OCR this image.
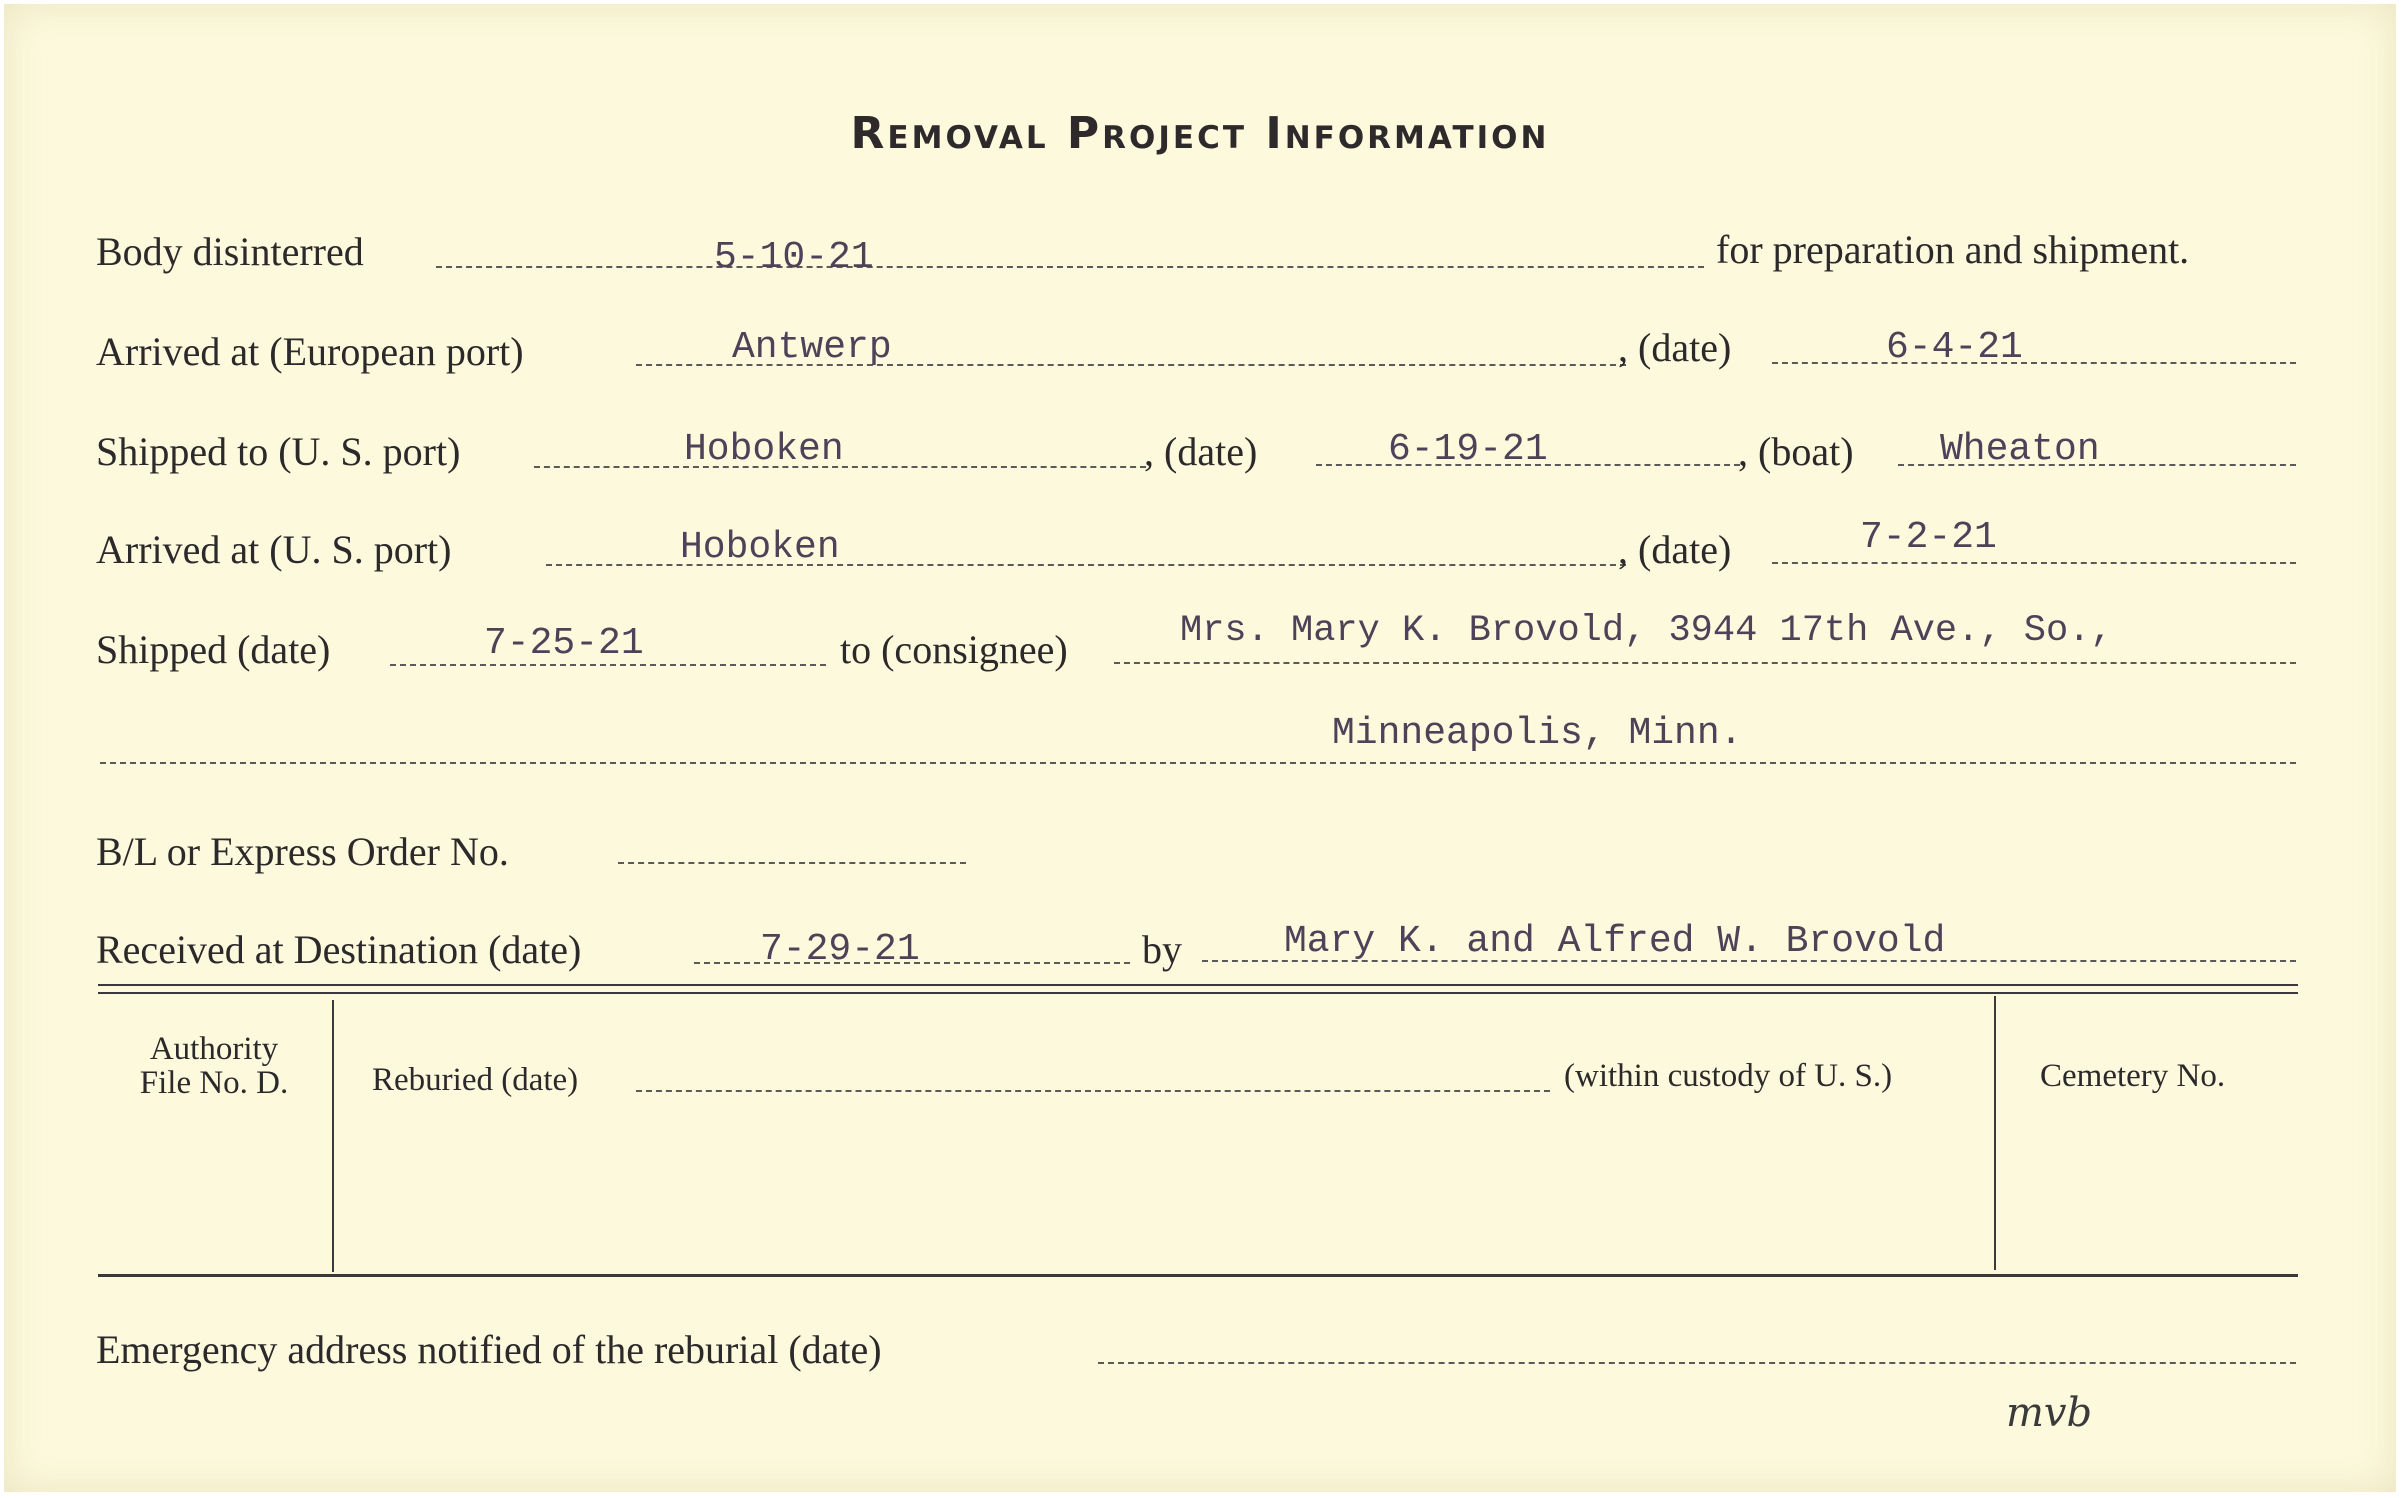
Removal Project Information
Body disinterred	5-10-21	for preparation and shipment.
Arrived at (European port)	Antwerp	, (date)	6-4-21
Shipped to (U. S. port)	Hoboken	, (date)	6-19-21	, (boat) Wheaton
Arrived at (U. S. port)	Hoboken	, (date)	7-2-21
Shipped (date)	7-25-21	to (consignee)	Mrs. Mary K. Brovold, 3944 17th Ave., So.,
Minneapolis, Minn.
B/L or Express Order No.
Received at Destination (date)	7-29-21	by	Mary K. and Alfred W. Brovold
Authority
File No. D.	Reburied (date)	(within custody of U. S.)	Cemetery No.
Emergency address notified of the reburial (date)
mvb
